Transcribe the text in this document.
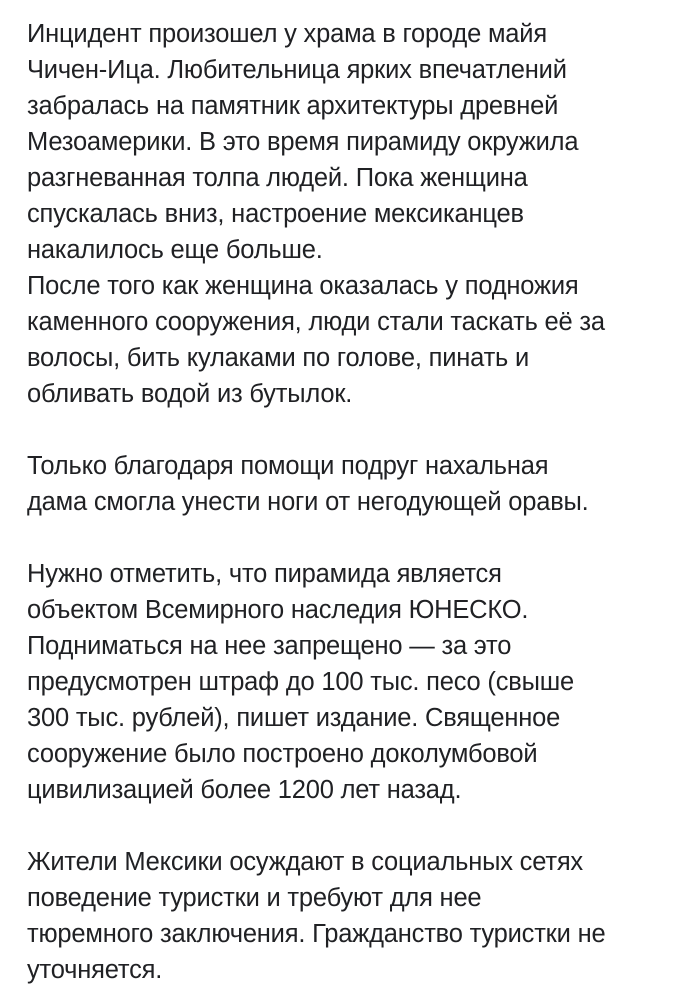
Инцидент произошел у храма в городе майя
Чичен-Ица. Любительница ярких впечатлений
забралась на памятник архитектуры древней
Мезоамерики. В это время пирамиду окружила
разгневанная толпа людей. Пока женщина
спускалась вниз, настроение мексиканцев
накалилось еще больше.

После того как женщина оказалась у подножия
каменного сооружения, люди стали таскать её за
волосы, бить кулаками по голове, пинать и
обливать водой из бутылок.

Только благодаря помощи подруг нахальная
дама смогла унести ноги от негодующей оравы.

Нужно отметить, что пирамида является
объектом Всемирного наследия ЮНЕСКО.
Подниматься на нее запрещено — за это
предусмотрен штраф до 100 тыс. песо (свыше
300 тыс. рублей), пишет издание. Священное
сооружение было построено доколумбовой
цивилизацией более 1200 лет назад.

Жители Мексики осуждают в социальных сетях
поведение туристки и требуют для нее
тюремного заключения. Гражданство туристки не
уточняется.
